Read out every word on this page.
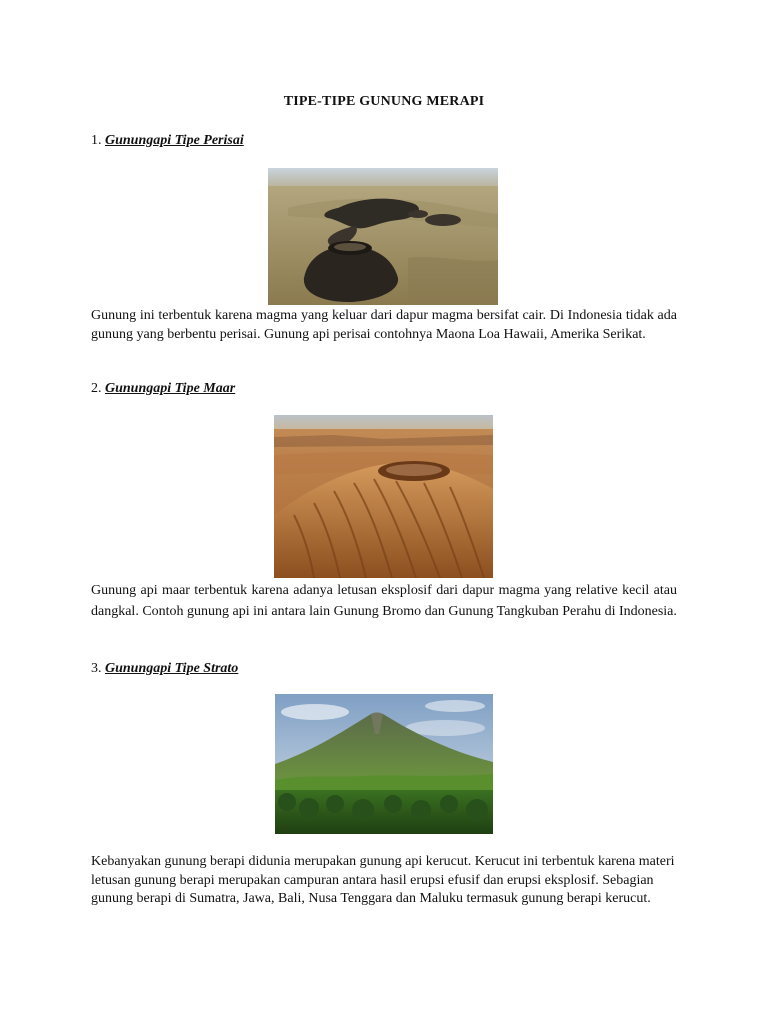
TIPE-TIPE GUNUNG MERAPI
1. Gunungapi Tipe Perisai
Gunung ini terbentuk karena magma yang keluar dari dapur magma bersifat cair. Di Indonesia tidak ada gunung yang berbentu perisai. Gunung api perisai contohnya Maona Loa Hawaii, Amerika Serikat.
2. Gunungapi Tipe Maar
Gunung api maar terbentuk karena adanya letusan eksplosif dari dapur magma yang relative kecil atau dangkal. Contoh gunung api ini antara lain Gunung Bromo dan Gunung Tangkuban Perahu di Indonesia.
3. Gunungapi Tipe Strato
Kebanyakan gunung berapi didunia merupakan gunung api kerucut. Kerucut ini terbentuk karena materi letusan gunung berapi merupakan campuran antara hasil erupsi efusif dan erupsi eksplosif. Sebagian gunung berapi di Sumatra, Jawa, Bali, Nusa Tenggara dan Maluku termasuk gunung berapi kerucut.
